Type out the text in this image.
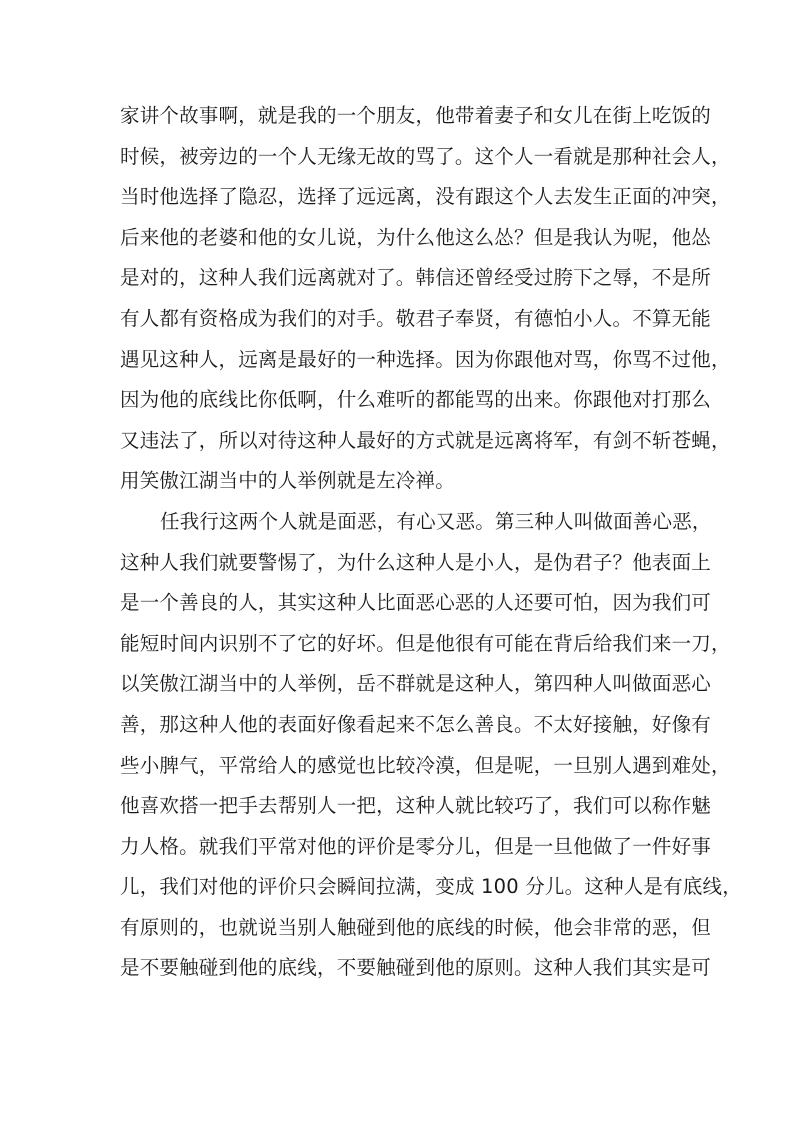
家讲个故事啊，就是我的一个朋友，他带着妻子和女儿在街上吃饭的
时候，被旁边的一个人无缘无故的骂了。这个人一看就是那种社会人，
当时他选择了隐忍，选择了远远离，没有跟这个人去发生正面的冲突，
后来他的老婆和他的女儿说，为什么他这么怂？但是我认为呢，他怂
是对的，这种人我们远离就对了。韩信还曾经受过胯下之辱，不是所
有人都有资格成为我们的对手。敬君子奉贤，有德怕小人。不算无能
遇见这种人，远离是最好的一种选择。因为你跟他对骂，你骂不过他，
因为他的底线比你低啊，什么难听的都能骂的出来。你跟他对打那么
又违法了，所以对待这种人最好的方式就是远离将军，有剑不斩苍蝇，
用笑傲江湖当中的人举例就是左冷禅。
任我行这两个人就是面恶，有心又恶。第三种人叫做面善心恶，
这种人我们就要警惕了，为什么这种人是小人，是伪君子？他表面上
是一个善良的人，其实这种人比面恶心恶的人还要可怕，因为我们可
能短时间内识别不了它的好坏。但是他很有可能在背后给我们来一刀，
以笑傲江湖当中的人举例，岳不群就是这种人，第四种人叫做面恶心
善，那这种人他的表面好像看起来不怎么善良。不太好接触，好像有
些小脾气，平常给人的感觉也比较冷漠，但是呢，一旦别人遇到难处，
他喜欢搭一把手去帮别人一把，这种人就比较巧了，我们可以称作魅
力人格。就我们平常对他的评价是零分儿，但是一旦他做了一件好事
儿，我们对他的评价只会瞬间拉满，变成 100 分儿。这种人是有底线，
有原则的，也就说当别人触碰到他的底线的时候，他会非常的恶，但
是不要触碰到他的底线，不要触碰到他的原则。这种人我们其实是可
